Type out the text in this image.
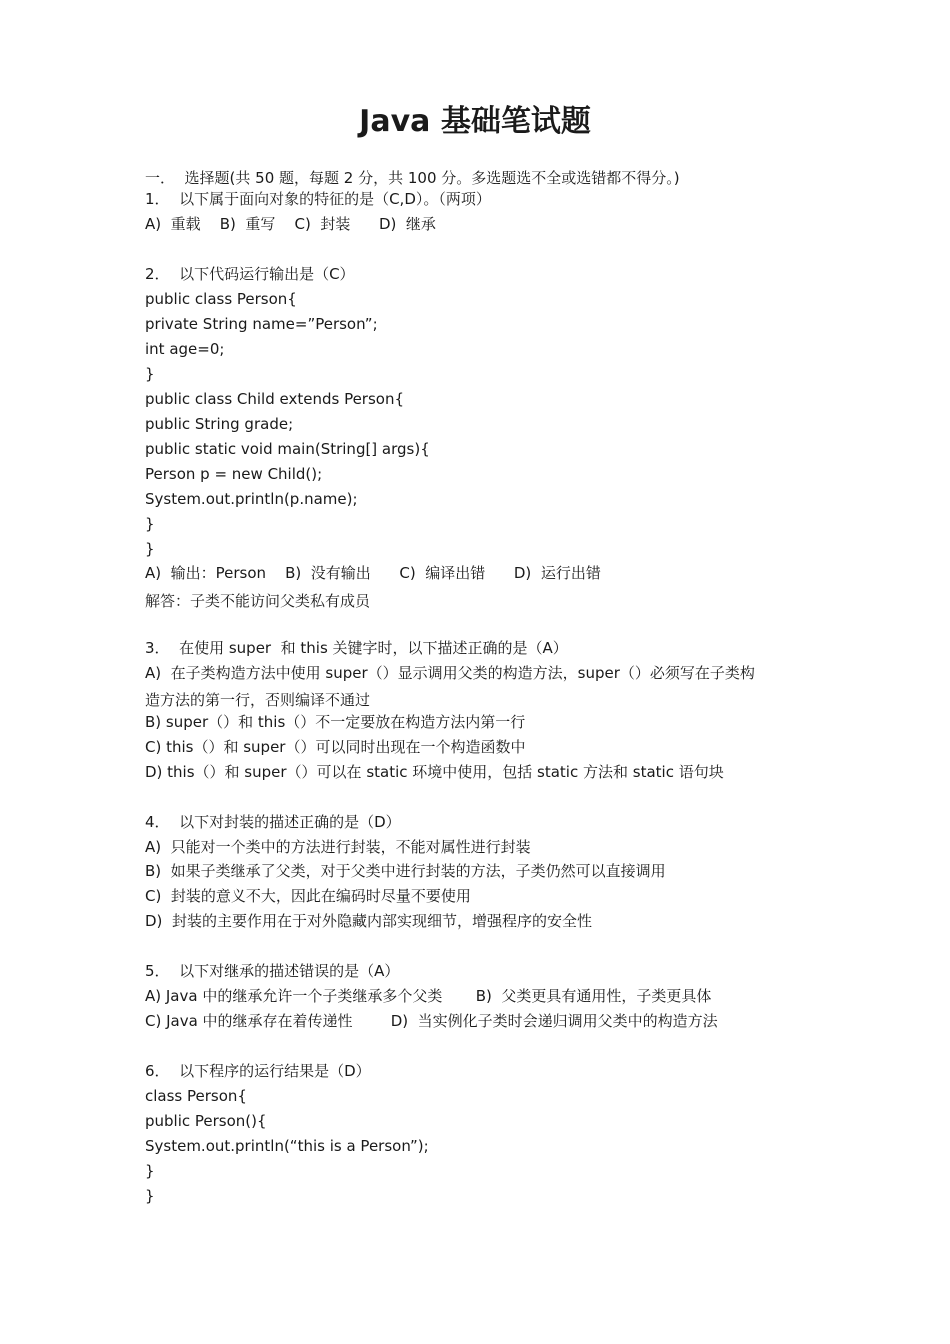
Java 基础笔试题
一．  选择题(共 50 题，每题 2 分，共 100 分。多选题选不全或选错都不得分。)
1．  以下属于面向对象的特征的是（C,D）。（两项）
A)  重载    B)  重写    C)  封装      D)  继承
2．  以下代码运行输出是（C）
public class Person{
private String name=”Person”;
int age=0;
}
public class Child extends Person{
public String grade;
public static void main(String[] args){
Person p = new Child();
System.out.println(p.name);
}
}
A)  输出：Person    B)  没有输出      C)  编译出错      D)  运行出错
解答：子类不能访问父类私有成员
3．  在使用 super  和 this 关键字时，以下描述正确的是（A）
A)  在子类构造方法中使用 super（）显示调用父类的构造方法，super（）必须写在子类构
造方法的第一行，否则编译不通过
B) super（）和 this（）不一定要放在构造方法内第一行
C) this（）和 super（）可以同时出现在一个构造函数中
D) this（）和 super（）可以在 static 环境中使用，包括 static 方法和 static 语句块
4．  以下对封装的描述正确的是（D）
A)  只能对一个类中的方法进行封装，不能对属性进行封装
B)  如果子类继承了父类，对于父类中进行封装的方法，子类仍然可以直接调用
C)  封装的意义不大，因此在编码时尽量不要使用
D)  封装的主要作用在于对外隐藏内部实现细节，增强程序的安全性
5．  以下对继承的描述错误的是（A）
A) Java 中的继承允许一个子类继承多个父类       B)  父类更具有通用性，子类更具体
C) Java 中的继承存在着传递性        D)  当实例化子类时会递归调用父类中的构造方法
6．  以下程序的运行结果是（D）
class Person{
public Person(){
System.out.println(“this is a Person”);
}
}
